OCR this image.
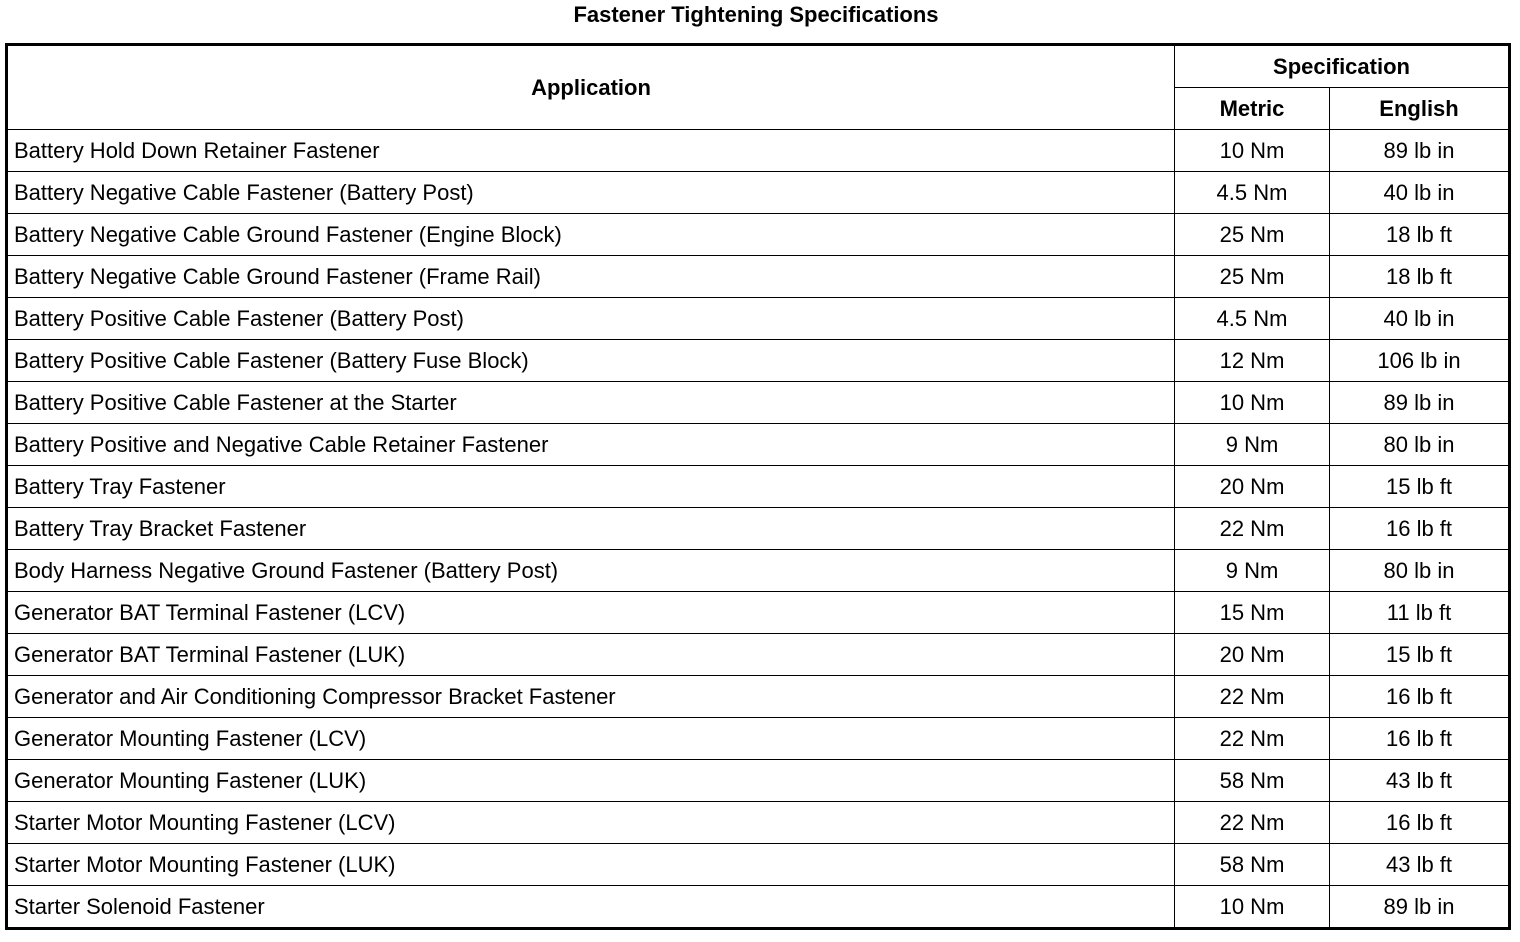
Fastener Tightening Specifications
Application	Specification	
	Metric	English
Battery Hold Down Retainer Fastener	10 Nm	89 lb in
Battery Negative Cable Fastener (Battery Post)	4.5 Nm	40 lb in
Battery Negative Cable Ground Fastener (Engine Block)	25 Nm	18 lb ft
Battery Negative Cable Ground Fastener (Frame Rail)	25 Nm	18 lb ft
Battery Positive Cable Fastener (Battery Post)	4.5 Nm	40 lb in
Battery Positive Cable Fastener (Battery Fuse Block)	12 Nm	106 lb in
Battery Positive Cable Fastener at the Starter	10 Nm	89 lb in
Battery Positive and Negative Cable Retainer Fastener	9 Nm	80 lb in
Battery Tray Fastener	20 Nm	15 lb ft
Battery Tray Bracket Fastener	22 Nm	16 lb ft
Body Harness Negative Ground Fastener (Battery Post)	9 Nm	80 lb in
Generator BAT Terminal Fastener (LCV)	15 Nm	11 lb ft
Generator BAT Terminal Fastener (LUK)	20 Nm	15 lb ft
Generator and Air Conditioning Compressor Bracket Fastener	22 Nm	16 lb ft
Generator Mounting Fastener (LCV)	22 Nm	16 lb ft
Generator Mounting Fastener (LUK)	58 Nm	43 lb ft
Starter Motor Mounting Fastener (LCV)	22 Nm	16 lb ft
Starter Motor Mounting Fastener (LUK)	58 Nm	43 lb ft
Starter Solenoid Fastener	10 Nm	89 lb in
